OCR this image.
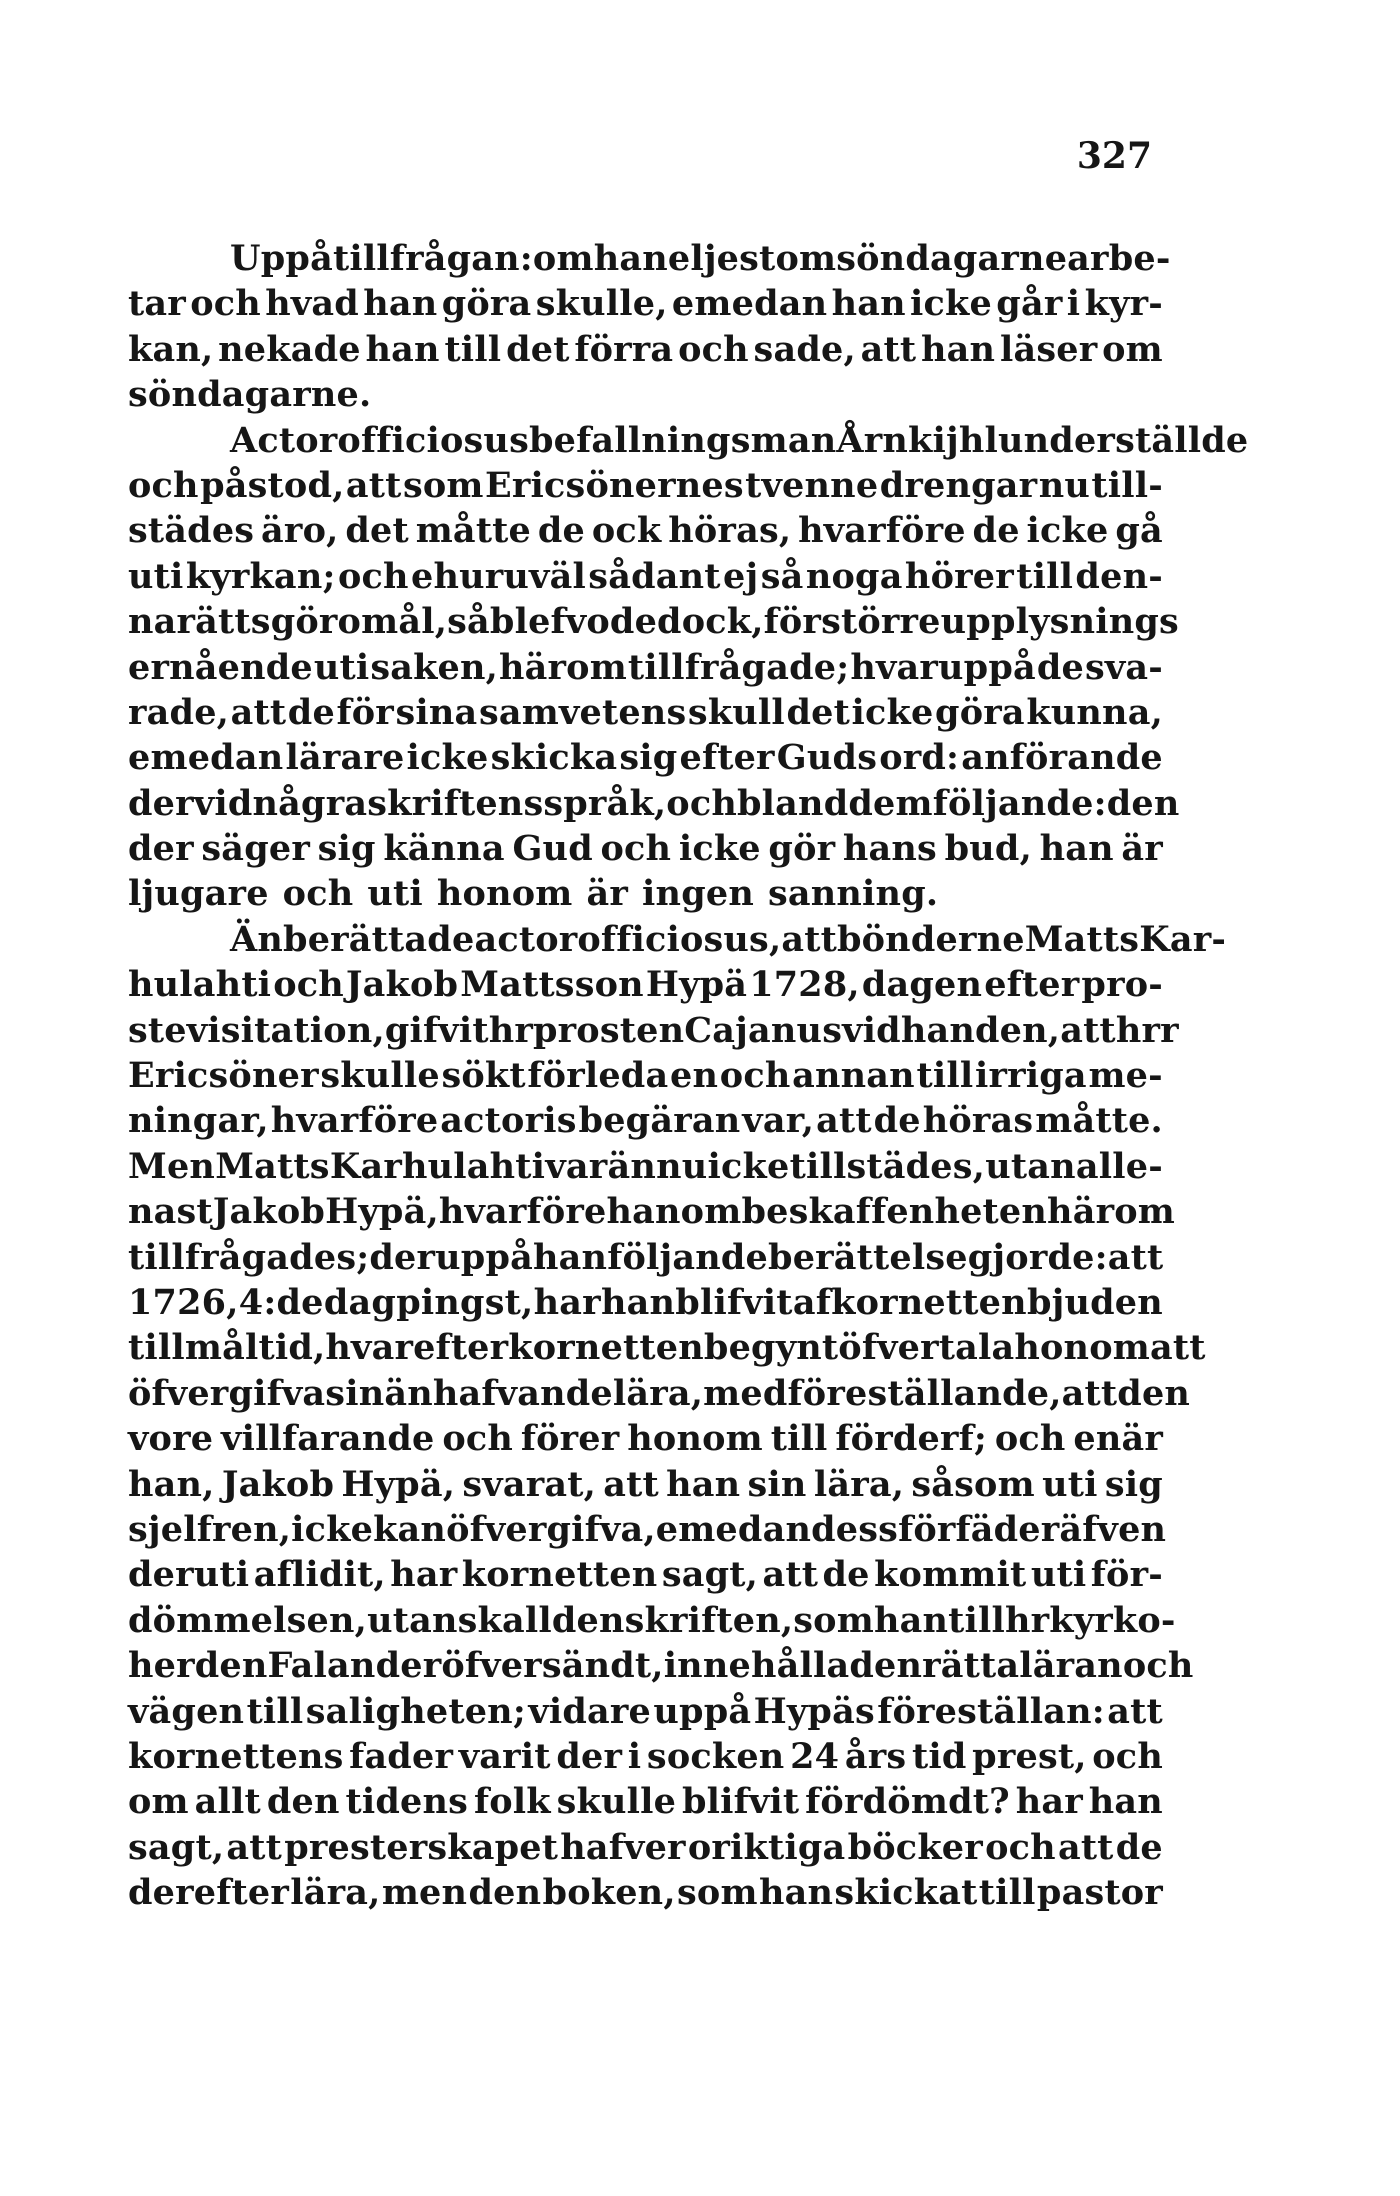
327
Uppå tillfrågan: om han eljest om söndagarne arbe-
tar och hvad han göra skulle, emedan han icke går i kyr-
kan, nekade han till det förra och sade, att han läser om
söndagarne.
Actor officiosus befallningsman Årnkijhl underställde
och påstod, att som Ericsönernes tvenne drengar nu till-
städes äro, det måtte de ock höras, hvarföre de icke gå
uti kyrkan; och ehuruväl sådant ej så noga hörer till den-
na rätts göromål, så blefvo de dock, för större upplysnings
ernående uti saken, härom tillfrågade; hvaruppå de sva-
rade, att de för sina samvetens skull det icke göra kunna,
emedan lärare icke skicka sig efter Guds ord: anförande
dervid några skriftens språk, och bland dem följande: den
der säger sig känna Gud och icke gör hans bud, han är
ljugare och uti honom är ingen sanning.
Än berättade actor officiosus, att bönderne Matts Kar-
hulahti och Jakob Mattsson Hypä 1728, dagen efter pro-
stevisitation, gifvit hr prosten Cajanus vid handen, att hrr
Ericsöner skulle sökt förleda en och annan till irriga me-
ningar, hvarföre actoris begäran var, att de höras måtte.
Men Matts Karhulahti var ännu icke tillstädes, utan alle-
nast Jakob Hypä, hvarföre han om beskaffenheten härom
tillfrågades; deruppå han följande berättelse gjorde: att
1726, 4:de dag pingst, har han blifvit af kornetten bjuden
till måltid, hvarefter kornetten begynt öfvertala honom att
öfvergifva sin än hafvande lära, med föreställande, att den
vore villfarande och förer honom till förderf; och enär
han, Jakob Hypä, svarat, att han sin lära, såsom uti sig
sjelf ren, icke kan öfvergifva, emedan dess förfäder äfven
deruti aflidit, har kornetten sagt, att de kommit uti för-
dömmelsen, utan skall den skriften, som han till hr kyrko-
herden Falander öfversändt, innehålla den rätta läran och
vägen till saligheten; vidare uppå Hypäs föreställan: att
kornettens fader varit der i socken 24 års tid prest, och
om allt den tidens folk skulle blifvit fördömdt? har han
sagt, att presterskapet hafver oriktiga böcker och att de
derefter lära, men den boken, som han skickat till pastor
